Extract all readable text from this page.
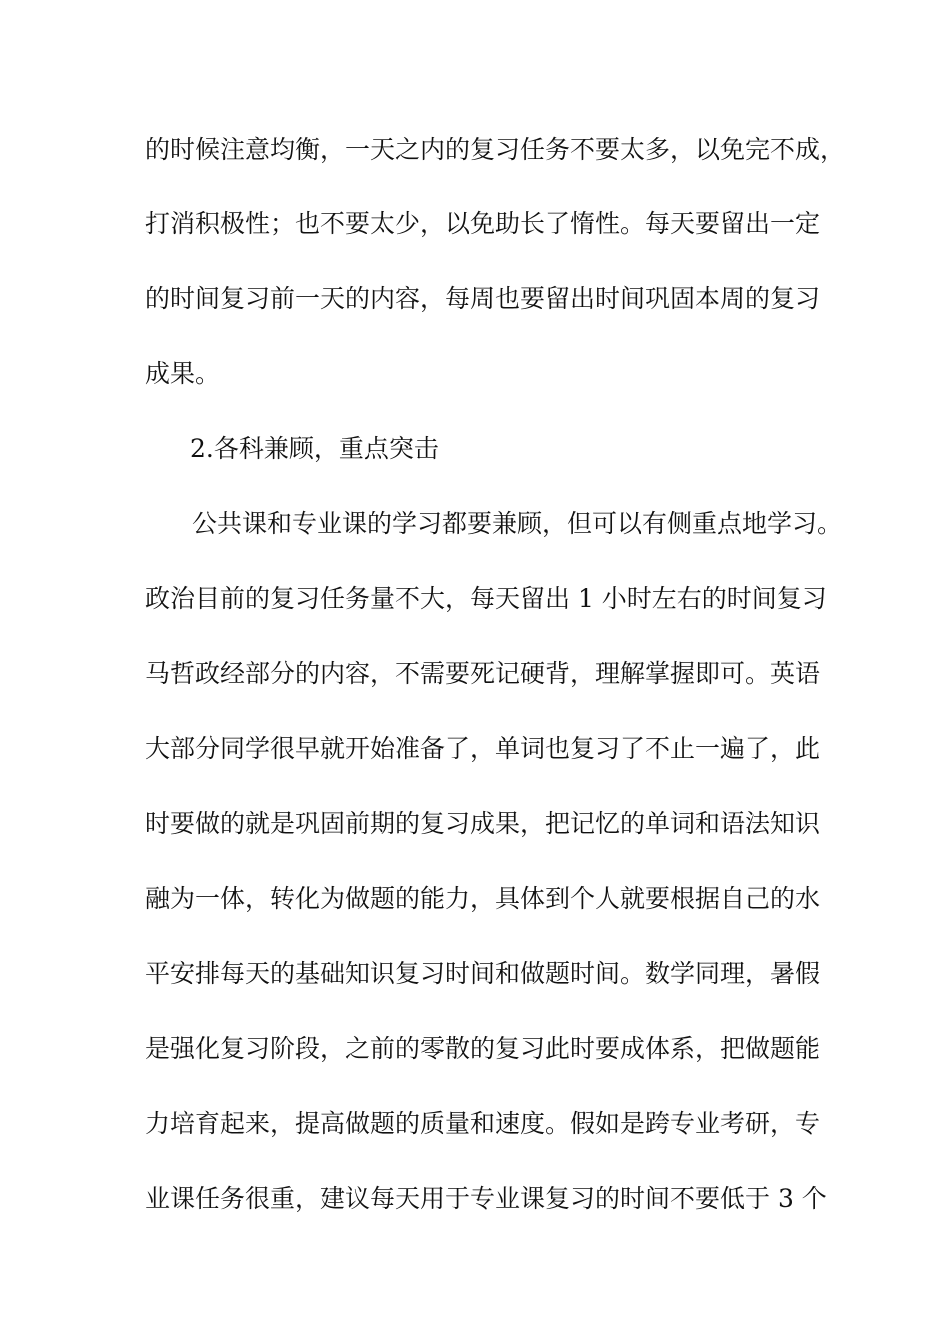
的时候注意均衡，一天之内的复习任务不要太多，以免完不成，
打消积极性；也不要太少，以免助长了惰性。每天要留出一定
的时间复习前一天的内容，每周也要留出时间巩固本周的复习
成果。
2.各科兼顾，重点突击
公共课和专业课的学习都要兼顾，但可以有侧重点地学习。
政治目前的复习任务量不大，每天留出 1 小时左右的时间复习
马哲政经部分的内容，不需要死记硬背，理解掌握即可。英语
大部分同学很早就开始准备了，单词也复习了不止一遍了，此
时要做的就是巩固前期的复习成果，把记忆的单词和语法知识
融为一体，转化为做题的能力，具体到个人就要根据自己的水
平安排每天的基础知识复习时间和做题时间。数学同理，暑假
是强化复习阶段，之前的零散的复习此时要成体系，把做题能
力培育起来，提高做题的质量和速度。假如是跨专业考研，专
业课任务很重，建议每天用于专业课复习的时间不要低于 3 个
